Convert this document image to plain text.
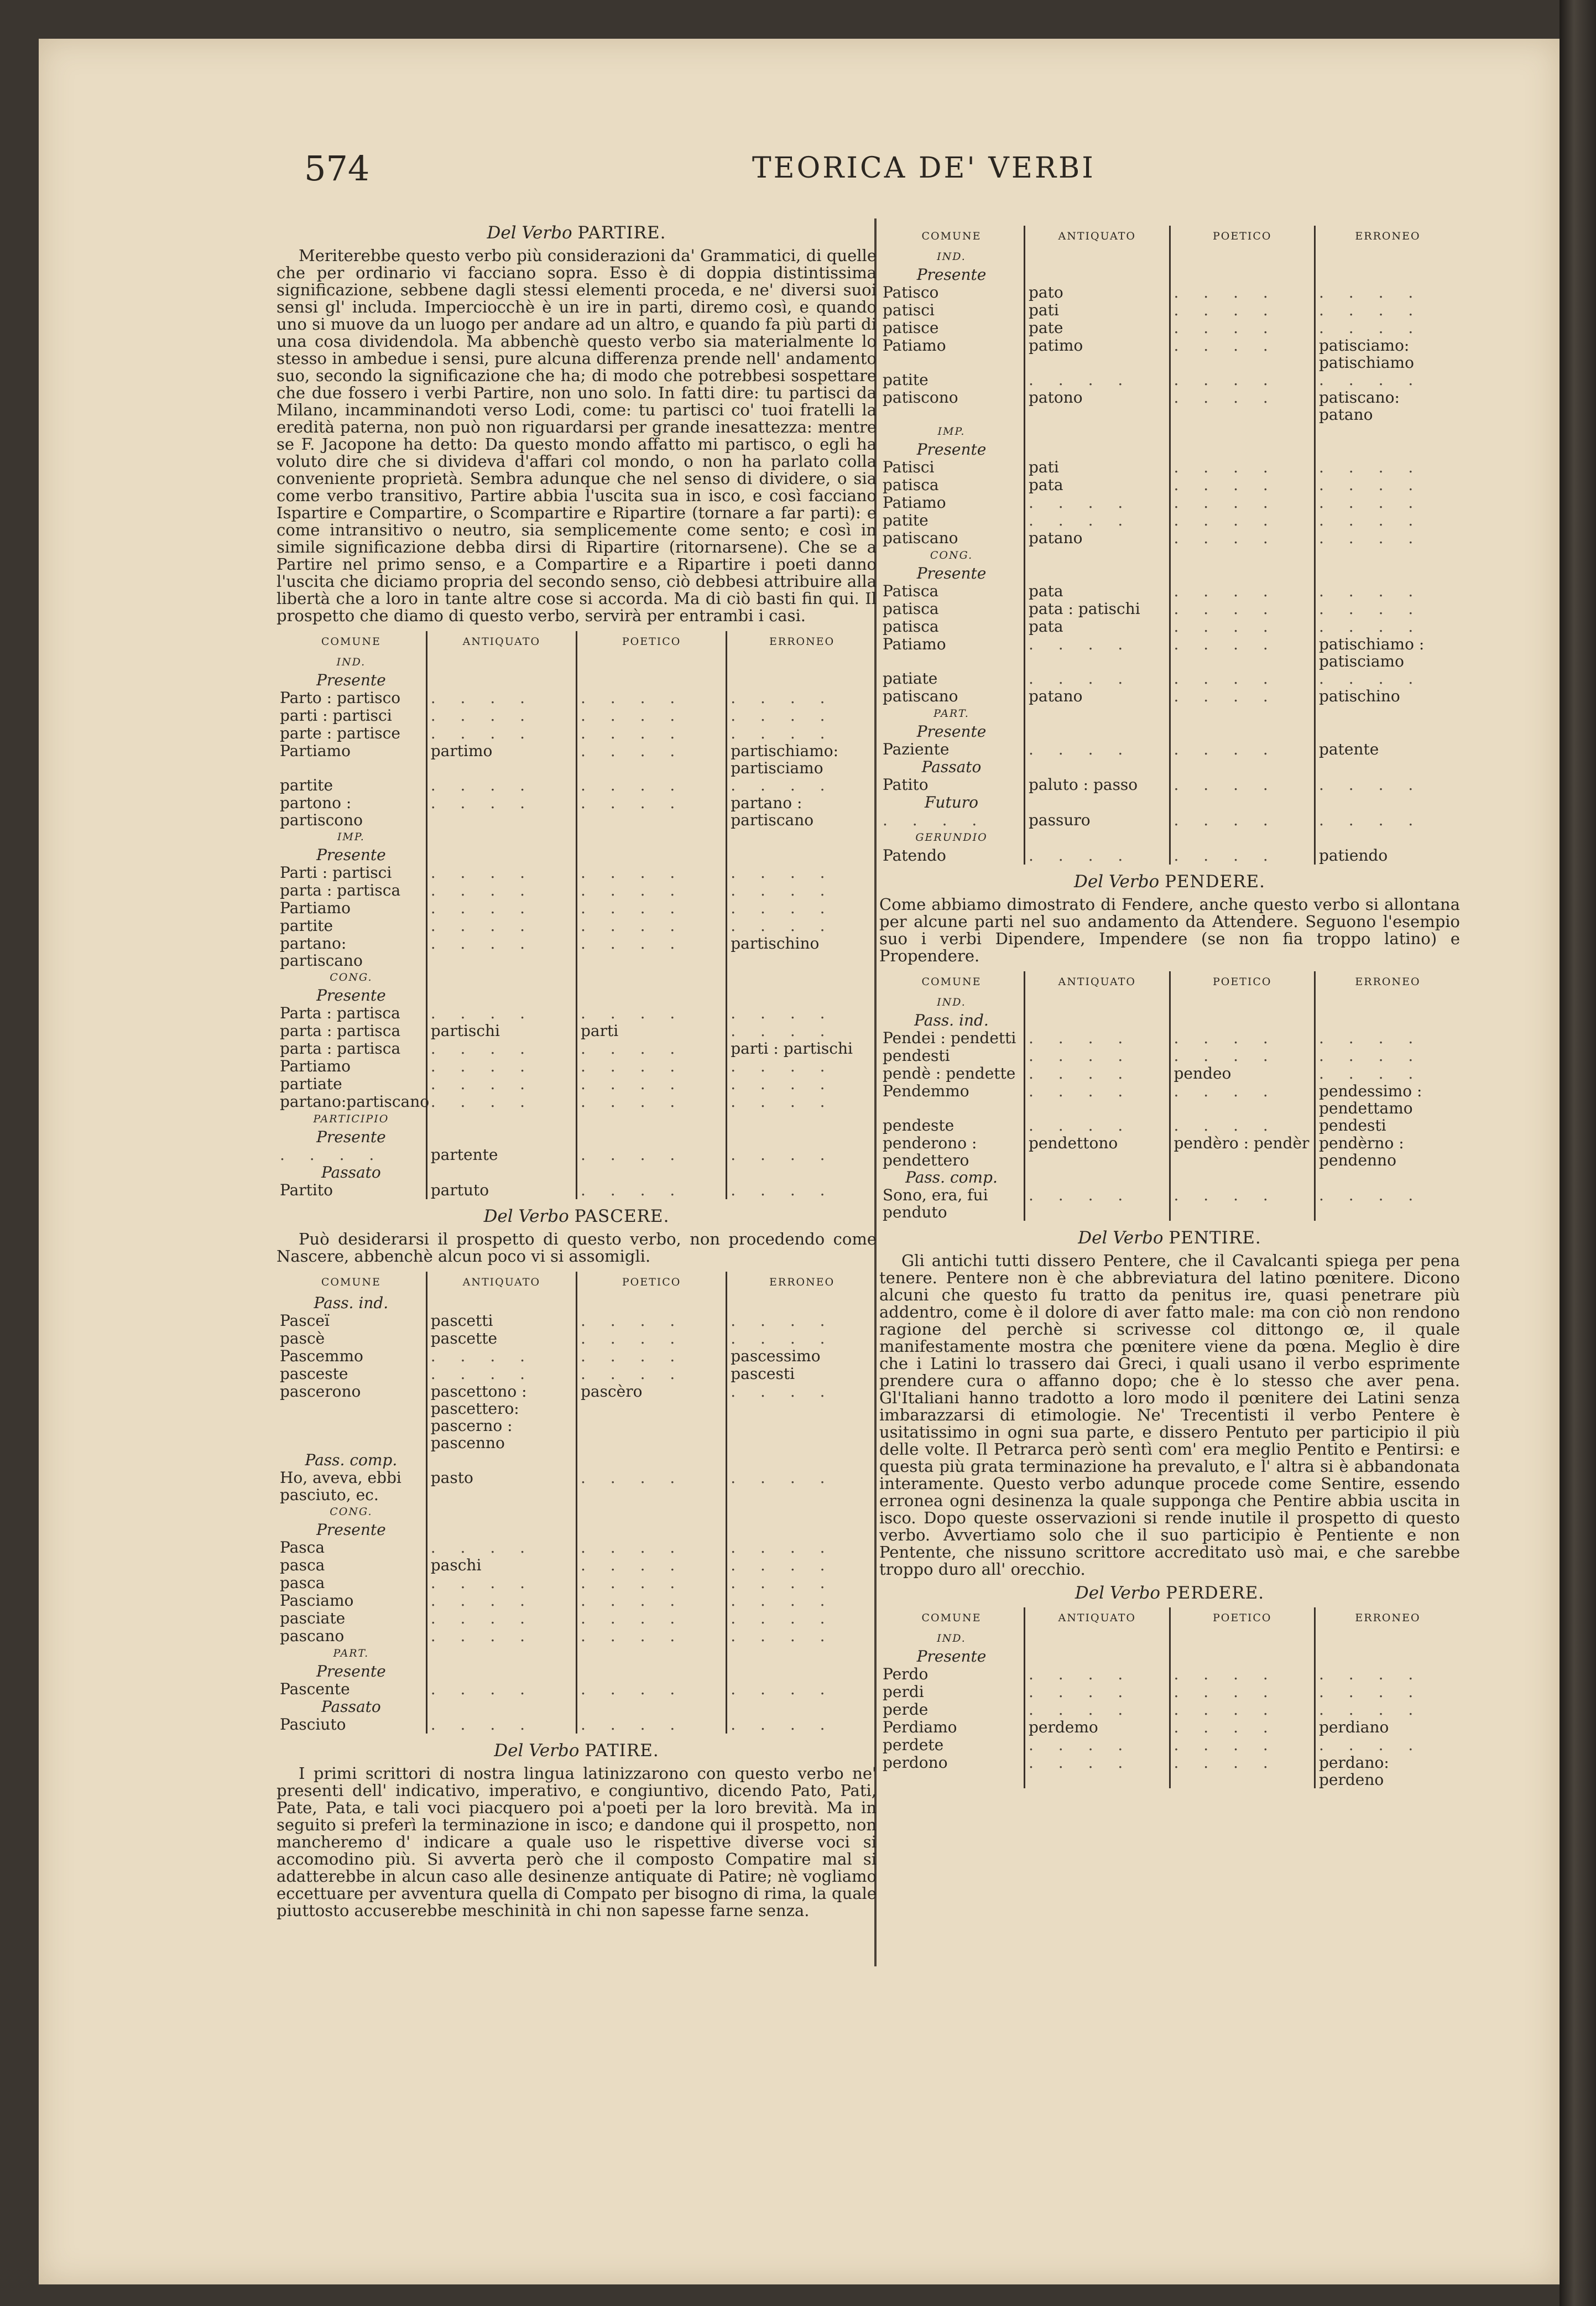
574	TEORICA DE' VERBI
Del Verbo PARTIRE.

Meriterebbe questo verbo più considerazioni da' Grammatici, di quelle che per ordinario vi facciano sopra. Esso è di doppia distintissima significazione, sebbene dagli stessi elementi proceda, e ne' diversi suoi sensi gl' includa. Imperciocchè è un ire in parti, diremo così, e quando uno si muove da un luogo per andare ad un altro, e quando fa più parti di una cosa dividendola. Ma abbenchè questo verbo sia materialmente lo stesso in ambedue i sensi, pure alcuna differenza prende nell' andamento suo, secondo la significazione che ha; di modo che potrebbesi sospettare che due fossero i verbi Partire, non uno solo. In fatti dire: tu partisci da Milano, incamminandoti verso Lodi, come: tu partisci co' tuoi fratelli la eredità paterna, non può non riguardarsi per grande inesattezza: mentre se F. Jacopone ha detto: Da questo mondo affatto mi partisco, o egli ha voluto dire che si divideva d'affari col mondo, o non ha parlato colla conveniente proprietà. Sembra adunque che nel senso di dividere, o sia come verbo transitivo, Partire abbia l'uscita sua in isco, e così facciano Ispartire e Compartire, o Scompartire e Ripartire (tornare a far parti): e come intransitivo o neutro, sia semplicemente come sento; e così in simile significazione debba dirsi di Ripartire (ritornarsene). Che se a Partire nel primo senso, e a Compartire e a Ripartire i poeti danno l'uscita che diciamo propria del secondo senso, ciò debbesi attribuire alla libertà che a loro in tante altre cose si accorda. Ma di ciò basti fin qui. Il prospetto che diamo di questo verbo, servirà per entrambi i casi.

COMUNE	ANTIQUATO	POETICO	ERRONEO
IND.			
Presente			
Parto : partisco	. . . .	. . . .	. . . .
parti : partisci	. . . .	. . . .	. . . .
parte : partisce	. . . .	. . . .	. . . .
Partiamo	partimo	. . . .	partischiamo: partisciamo
partite	. . . .	. . . .	. . . .
partono : partiscono	. . . .	. . . .	partano : partiscano
IMP.			
Presente			
Parti : partisci	. . . .	. . . .	. . . .
parta : partisca	. . . .	. . . .	. . . .
Partiamo	. . . .	. . . .	. . . .
partite	. . . .	. . . .	. . . .
partano: partiscano	. . . .	. . . .	partischino
CONG.			
Presente			
Parta : partisca	. . . .	. . . .	. . . .
parta : partisca	partischi	parti	. . . .
parta : partisca	. . . .	. . . .	parti : partischi
Partiamo	. . . .	. . . .	. . . .
partiate	. . . .	. . . .	. . . .
partano:partiscano	. . . .	. . . .	. . . .
PARTICIPIO			
Presente			
. . . .	partente	. . . .	. . . .
Passato			
Partito	partuto	. . . .	. . . .
Del Verbo PASCERE.

Può desiderarsi il prospetto di questo verbo, non procedendo come Nascere, abbenchè alcun poco vi si assomigli.

COMUNE	ANTIQUATO	POETICO	ERRONEO
Pass. ind.			
Pasceï	pascetti	. . . .	. . . .
pascè	pascette	. . . .	. . . .
Pascemmo	. . . .	. . . .	pascessimo
pasceste	. . . .	. . . .	pascesti
pascerono	pascettono : pascettero: pascerno : pascenno	pascèro	. . . .
Pass. comp.			
Ho, aveva, ebbi pasciuto, ec.	pasto	. . . .	. . . .
CONG.			
Presente			
Pasca	. . . .	. . . .	. . . .
pasca	paschi	. . . .	. . . .
pasca	. . . .	. . . .	. . . .
Pasciamo	. . . .	. . . .	. . . .
pasciate	. . . .	. . . .	. . . .
pascano	. . . .	. . . .	. . . .
PART.			
Presente			
Pascente	. . . .	. . . .	. . . .
Passato			
Pasciuto	. . . .	. . . .	. . . .
Del Verbo PATIRE.

I primi scrittori di nostra lingua latinizzarono con questo verbo ne' presenti dell' indicativo, imperativo, e congiuntivo, dicendo Pato, Pati, Pate, Pata, e tali voci piacquero poi a'poeti per la loro brevità. Ma in seguito si preferì la terminazione in isco; e dandone qui il prospetto, non mancheremo d' indicare a quale uso le rispettive diverse voci si accomodino più. Si avverta però che il composto Compatire mal si adatterebbe in alcun caso alle desinenze antiquate di Patire; nè vogliamo eccettuare per avventura quella di Compato per bisogno di rima, la quale piuttosto accuserebbe meschinità in chi non sapesse farne senza.

COMUNE	ANTIQUATO	POETICO	ERRONEO
IND.			
Presente			
Patisco	pato	. . . .	. . . .
patisci	pati	. . . .	. . . .
patisce	pate	. . . .	. . . .
Patiamo	patimo	. . . .	patisciamo: patischiamo
patite	. . . .	. . . .	. . . .
patiscono	patono	. . . .	patiscano: patano
IMP.			
Presente			
Patisci	pati	. . . .	. . . .
patisca	pata	. . . .	. . . .
Patiamo	. . . .	. . . .	. . . .
patite	. . . .	. . . .	. . . .
patiscano	patano	. . . .	. . . .
CONG.			
Presente			
Patisca	pata	. . . .	. . . .
patisca	pata : patischi	. . . .	. . . .
patisca	pata	. . . .	. . . .
Patiamo	. . . .	. . . .	patischiamo : patisciamo
patiate	. . . .	. . . .	. . . .
patiscano	patano	. . . .	patischino
PART.			
Presente			
Paziente	. . . .	. . . .	patente
Passato			
Patito	paluto : passo	. . . .	. . . .
Futuro			
. . . .	passuro	. . . .	. . . .
GERUNDIO			
Patendo	. . . .	. . . .	patiendo
Del Verbo PENDERE.

Come abbiamo dimostrato di Fendere, anche questo verbo si allontana per alcune parti nel suo andamento da Attendere. Seguono l'esempio suo i verbi Dipendere, Impendere (se non fia troppo latino) e Propendere.

COMUNE	ANTIQUATO	POETICO	ERRONEO
IND.			
Pass. ind.			
Pendei : pendetti	. . . .	. . . .	. . . .
pendesti	. . . .	. . . .	. . . .
pendè : pendette	. . . .	pendeo	. . . .
Pendemmo	. . . .	. . . .	pendessimo : pendettamo
pendeste	. . . .	. . . .	pendesti
penderono : pendettero	pendettono	pendèro : pendèr	pendèrno : pendenno
Pass. comp.			
Sono, era, fui penduto	. . . .	. . . .	. . . .
Del Verbo PENTIRE.

Gli antichi tutti dissero Pentere, che il Cavalcanti spiega per pena tenere. Pentere non è che abbreviatura del latino pœnitere. Dicono alcuni che questo fu tratto da penitus ire, quasi penetrare più addentro, come è il dolore di aver fatto male: ma con ciò non rendono ragione del perchè si scrivesse col dittongo œ, il quale manifestamente mostra che pœnitere viene da pœna. Meglio è dire che i Latini lo trassero dai Greci, i quali usano il verbo esprimente prendere cura o affanno dopo; che è lo stesso che aver pena. Gl'Italiani hanno tradotto a loro modo il pœnitere dei Latini senza imbarazzarsi di etimologie. Ne' Trecentisti il verbo Pentere è usitatissimo in ogni sua parte, e dissero Pentuto per participio il più delle volte. Il Petrarca però sentì com' era meglio Pentito e Pentirsi: e questa più grata terminazione ha prevaluto, e l' altra si è abbandonata interamente. Questo verbo adunque procede come Sentire, essendo erronea ogni desinenza la quale supponga che Pentire abbia uscita in isco. Dopo queste osservazioni si rende inutile il prospetto di questo verbo. Avvertiamo solo che il suo participio è Pentiente e non Pentente, che nissuno scrittore accreditato usò mai, e che sarebbe troppo duro all' orecchio.

Del Verbo PERDERE.
COMUNE	ANTIQUATO	POETICO	ERRONEO
IND.			
Presente			
Perdo	. . . .	. . . .	. . . .
perdi	. . . .	. . . .	. . . .
perde	. . . .	. . . .	. . . .
Perdiamo	perdemo	. . . .	perdiano
perdete	. . . .	. . . .	. . . .
perdono	. . . .	. . . .	perdano: perdeno
